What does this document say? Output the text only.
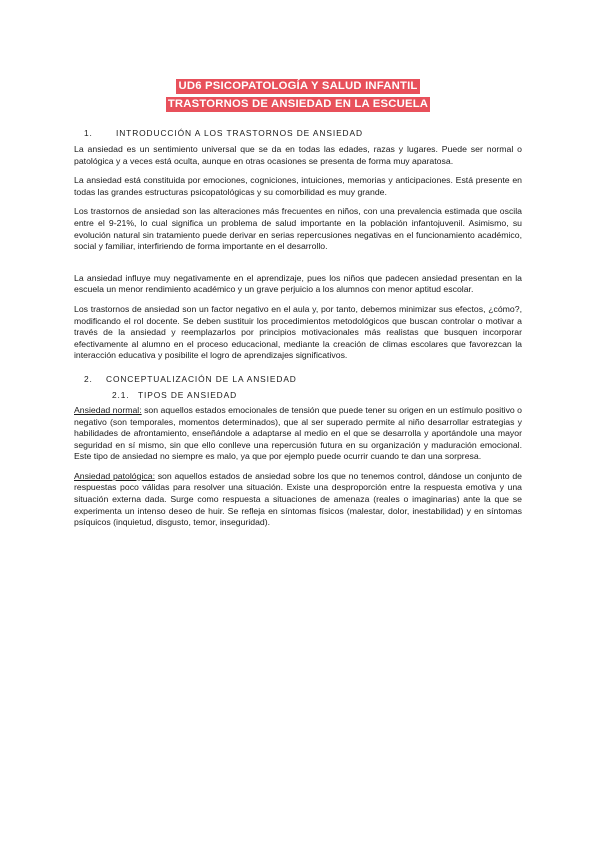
UD6 PSICOPATOLOGÍA Y SALUD INFANTIL
TRASTORNOS DE ANSIEDAD EN LA ESCUELA
1.	INTRODUCCIÓN A LOS TRASTORNOS DE ANSIEDAD

La ansiedad es un sentimiento universal que se da en todas las edades, razas y lugares. Puede ser normal o patológica y a veces está oculta, aunque en otras ocasiones se presenta de forma muy aparatosa.

La ansiedad está constituida por emociones, cogniciones, intuiciones, memorias y anticipaciones. Está presente en todas las grandes estructuras psicopatológicas y su comorbilidad es muy grande.

Los trastornos de ansiedad son las alteraciones más frecuentes en niños, con una prevalencia estimada que oscila entre el 9-21%, lo cual significa un problema de salud importante en la población infantojuvenil. Asimismo, su evolución natural sin tratamiento puede derivar en serias repercusiones negativas en el funcionamiento académico, social y familiar, interfiriendo de forma importante en el desarrollo.

La ansiedad influye muy negativamente en el aprendizaje, pues los niños que padecen ansiedad presentan en la escuela un menor rendimiento académico y un grave perjuicio a los alumnos con menor aptitud escolar.

Los trastornos de ansiedad son un factor negativo en el aula y, por tanto, debemos minimizar sus efectos, ¿cómo?, modificando el rol docente. Se deben sustituir los procedimientos metodológicos que buscan controlar o motivar a través de la ansiedad y reemplazarlos por principios motivacionales más realistas que busquen incorporar efectivamente al alumno en el proceso educacional, mediante la creación de climas escolares que favorezcan la interacción educativa y posibilite el logro de aprendizajes significativos.

2. CONCEPTUALIZACIÓN DE LA ANSIEDAD
2.1. TIPOS DE ANSIEDAD

Ansiedad normal: son aquellos estados emocionales de tensión que puede tener su origen en un estímulo positivo o negativo (son temporales, momentos determinados), que al ser superado permite al niño desarrollar estrategias y habilidades de afrontamiento, enseñándole a adaptarse al medio en el que se desarrolla y aportándole una mayor seguridad en sí mismo, sin que ello conlleve una repercusión futura en su organización y maduración emocional. Este tipo de ansiedad no siempre es malo, ya que por ejemplo puede ocurrir cuando te dan una sorpresa.

Ansiedad patológica: son aquellos estados de ansiedad sobre los que no tenemos control, dándose un conjunto de respuestas poco válidas para resolver una situación. Existe una desproporción entre la respuesta emotiva y una situación externa dada. Surge como respuesta a situaciones de amenaza (reales o imaginarias) ante la que se experimenta un intenso deseo de huir. Se refleja en síntomas físicos (malestar, dolor, inestabilidad) y en síntomas psíquicos (inquietud, disgusto, temor, inseguridad).
